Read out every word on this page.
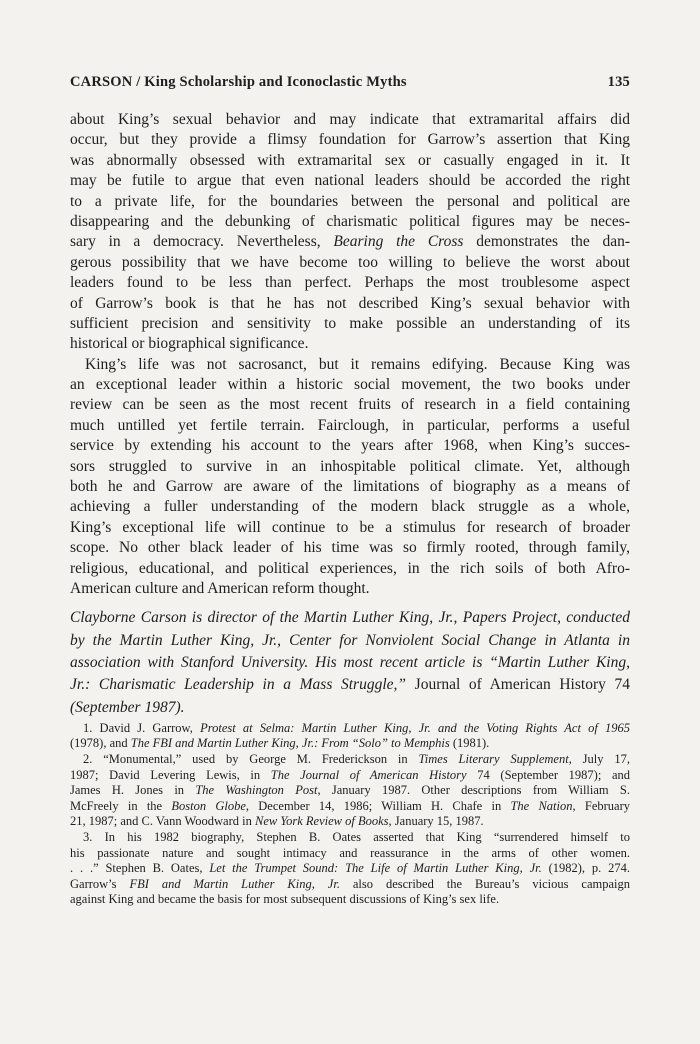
CARSON / King Scholarship and Iconoclastic Myths	135
about King’s sexual behavior and may indicate that extramarital affairs did
occur, but they provide a flimsy foundation for Garrow’s assertion that King
was abnormally obsessed with extramarital sex or casually engaged in it. It
may be futile to argue that even national leaders should be accorded the right
to a private life, for the boundaries between the personal and political are
disappearing and the debunking of charismatic political figures may be neces-
sary in a democracy. Nevertheless, Bearing the Cross demonstrates the dan-
gerous possibility that we have become too willing to believe the worst about
leaders found to be less than perfect. Perhaps the most troublesome aspect
of Garrow’s book is that he has not described King’s sexual behavior with
sufficient precision and sensitivity to make possible an understanding of its
historical or biographical significance.
King’s life was not sacrosanct, but it remains edifying. Because King was
an exceptional leader within a historic social movement, the two books under
review can be seen as the most recent fruits of research in a field containing
much untilled yet fertile terrain. Fairclough, in particular, performs a useful
service by extending his account to the years after 1968, when King’s succes-
sors struggled to survive in an inhospitable political climate. Yet, although
both he and Garrow are aware of the limitations of biography as a means of
achieving a fuller understanding of the modern black struggle as a whole,
King’s exceptional life will continue to be a stimulus for research of broader
scope. No other black leader of his time was so firmly rooted, through family,
religious, educational, and political experiences, in the rich soils of both Afro-
American culture and American reform thought.
Clayborne Carson is director of the Martin Luther King, Jr., Papers Project, conducted
by the Martin Luther King, Jr., Center for Nonviolent Social Change in Atlanta in
association with Stanford University. His most recent article is “Martin Luther King,
Jr.: Charismatic Leadership in a Mass Struggle,” Journal of American History 74
(September 1987).
1. David J. Garrow, Protest at Selma: Martin Luther King, Jr. and the Voting Rights Act of 1965
(1978), and The FBI and Martin Luther King, Jr.: From “Solo” to Memphis (1981).
2. “Monumental,” used by George M. Frederickson in Times Literary Supplement, July 17,
1987; David Levering Lewis, in The Journal of American History 74 (September 1987); and
James H. Jones in The Washington Post, January 1987. Other descriptions from William S.
McFreely in the Boston Globe, December 14, 1986; William H. Chafe in The Nation, February
21, 1987; and C. Vann Woodward in New York Review of Books, January 15, 1987.
3. In his 1982 biography, Stephen B. Oates asserted that King “surrendered himself to
his passionate nature and sought intimacy and reassurance in the arms of other women.
. . .” Stephen B. Oates, Let the Trumpet Sound: The Life of Martin Luther King, Jr. (1982), p. 274.
Garrow’s FBI and Martin Luther King, Jr. also described the Bureau’s vicious campaign
against King and became the basis for most subsequent discussions of King’s sex life.
